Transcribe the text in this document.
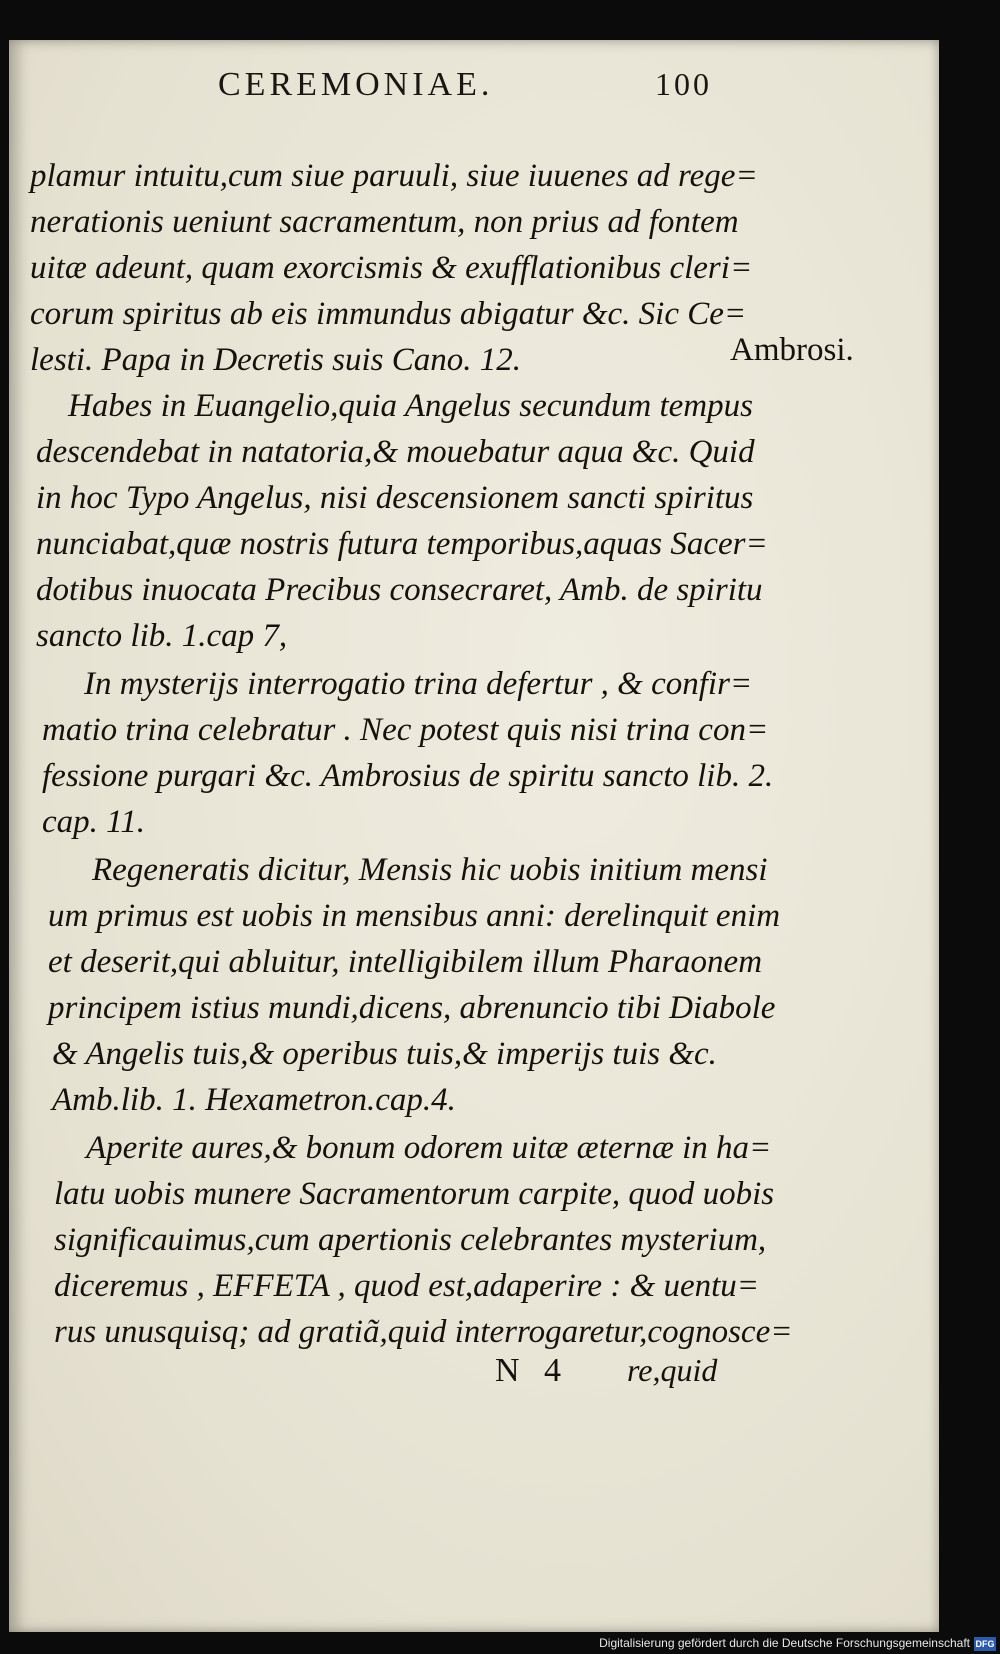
CEREMONIAE.	100
plamur intuitu,cum siue paruuli, siue iuuenes ad rege=
nerationis ueniunt sacramentum, non prius ad fontem
uitæ adeunt, quam exorcismis & exufflationibus cleri=
corum spiritus ab eis immundus abigatur &c. Sic Ce=
lesti. Papa in Decretis suis Cano. 12.
Habes in Euangelio,quia Angelus secundum tempus
descendebat in natatoria,& mouebatur aqua &c. Quid
in hoc Typo Angelus, nisi descensionem sancti spiritus
nunciabat,quæ nostris futura temporibus,aquas Sacer=
dotibus inuocata Precibus consecraret, Amb. de spiritu
sancto lib. 1.cap 7,
In mysterijs interrogatio trina defertur , & confir=
matio trina celebratur . Nec potest quis nisi trina con=
fessione purgari &c. Ambrosius de spiritu sancto lib. 2.
cap. 11.
Regeneratis dicitur, Mensis hic uobis initium mensi
um primus est uobis in mensibus anni: derelinquit enim
et deserit,qui abluitur, intelligibilem illum Pharaonem
principem istius mundi,dicens, abrenuncio tibi Diabole
& Angelis tuis,& operibus tuis,& imperijs tuis &c.
Amb.lib. 1. Hexametron.cap.4.
Aperite aures,& bonum odorem uitæ æternæ in ha=
latu uobis munere Sacramentorum carpite, quod uobis
significauimus,cum apertionis celebrantes mysterium,
diceremus , EFFETA , quod est,adaperire : & uentu=
rus unusquisq; ad gratiã,quid interrogaretur,cognosce=
Ambrosi.
N 4 re,quid
Digitalisierung gefördert durch die Deutsche Forschungsgemeinschaft DFG
